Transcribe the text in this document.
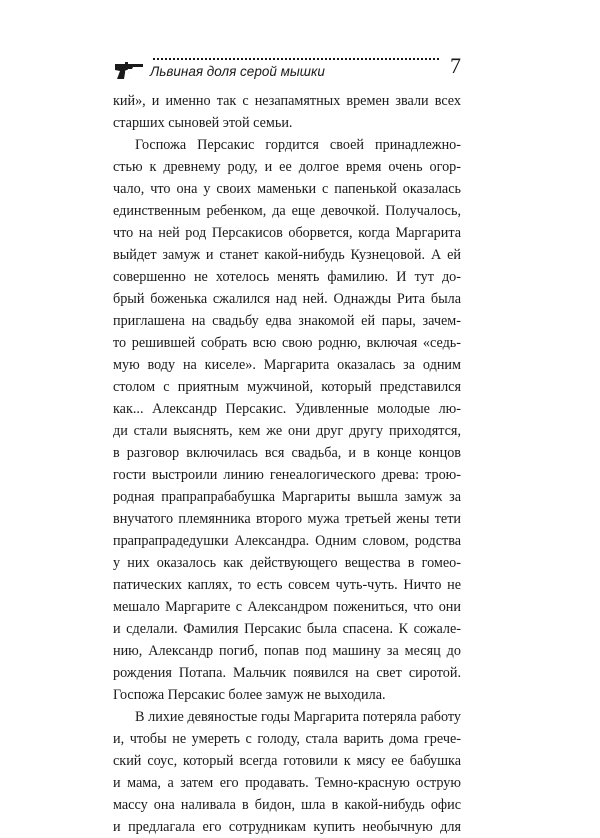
Львиная доля серой мышки	7
кий», и именно так с незапамятных времен звали всех
старших сыновей этой семьи.
Госпожа Персакис гордится своей принадлежно-
стью к древнему роду, и ее долгое время очень огор-
чало, что она у своих маменьки с папенькой оказалась
единственным ребенком, да еще девочкой. Получалось,
что на ней род Персакисов оборвется, когда Маргарита
выйдет замуж и станет какой-нибудь Кузнецовой. А ей
совершенно не хотелось менять фамилию. И тут до-
брый боженька сжалился над ней. Однажды Рита была
приглашена на свадьбу едва знакомой ей пары, зачем-
то решившей собрать всю свою родню, включая «седь-
мую воду на киселе». Маргарита оказалась за одним
столом с приятным мужчиной, который представился
как... Александр Персакис. Удивленные молодые лю-
ди стали выяснять, кем же они друг другу приходятся,
в разговор включилась вся свадьба, и в конце концов
гости выстроили линию генеалогического древа: трою-
родная прапрапрабабушка Маргариты вышла замуж за
внучатого племянника второго мужа третьей жены тети
прапрапрадедушки Александра. Одним словом, родства
у них оказалось как действующего вещества в гомео-
патических каплях, то есть совсем чуть-чуть. Ничто не
мешало Маргарите с Александром пожениться, что они
и сделали. Фамилия Персакис была спасена. К сожале-
нию, Александр погиб, попав под машину за месяц до
рождения Потапа. Мальчик появился на свет сиротой.
Госпожа Персакис более замуж не выходила.
В лихие девяностые годы Маргарита потеряла работу
и, чтобы не умереть с голоду, стала варить дома грече-
ский соус, который всегда готовили к мясу ее бабушка
и мама, а затем его продавать. Темно-красную острую
массу она наливала в бидон, шла в какой-нибудь офис
и предлагала его сотрудникам купить необычную для
